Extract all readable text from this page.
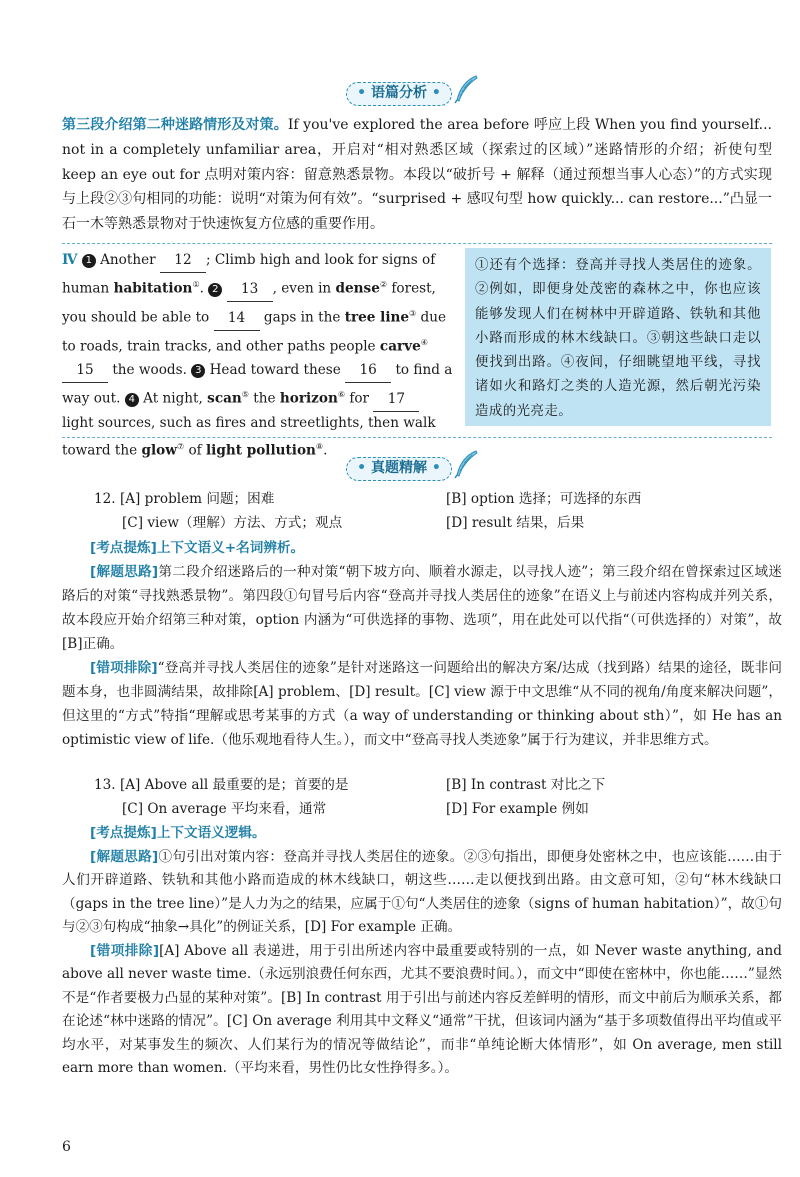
• 语篇分析 •
第三段介绍第二种迷路情形及对策。If you've explored the area before 呼应上段 When you find yourself... not in a completely unfamiliar area，开启对“相对熟悉区域（探索过的区域）”迷路情形的介绍；祈使句型 keep an eye out for 点明对策内容：留意熟悉景物。本段以“破折号 + 解释（通过预想当事人心态）”的方式实现与上段②③句相同的功能：说明“对策为何有效”。“surprised + 感叹句型 how quickly... can restore...”凸显一石一木等熟悉景物对于快速恢复方位感的重要作用。
Ⅳ 1 Another 12 ; Climb high and look for signs of human habitation①. 2 13 , even in dense② forest, you should be able to 14 gaps in the tree line③ due to roads, train tracks, and other paths people carve④ 15 the woods. 3 Head toward these 16 to find a way out. 4 At night, scan⑤ the horizon⑥ for 17 light sources, such as fires and streetlights, then walk toward the glow⑦ of light pollution⑧.
①还有个选择：登高并寻找人类居住的迹象。②例如，即便身处茂密的森林之中，你也应该能够发现人们在树林中开辟道路、铁轨和其他小路而形成的林木线缺口。③朝这些缺口走以便找到出路。④夜间，仔细眺望地平线，寻找诸如火和路灯之类的人造光源，然后朝光污染造成的光亮走。
• 真题精解 •
12. [A] problem 问题；困难	[B] option 选择；可选择的东西
[C] view（理解）方法、方式；观点	[D] result 结果，后果
[考点提炼]上下文语义+名词辨析。
[解题思路]第二段介绍迷路后的一种对策“朝下坡方向、顺着水源走，以寻找人迹”；第三段介绍在曾探索过区域迷路后的对策“寻找熟悉景物”。第四段①句冒号后内容“登高并寻找人类居住的迹象”在语义上与前述内容构成并列关系，故本段应开始介绍第三种对策，option 内涵为“可供选择的事物、选项”，用在此处可以代指“（可供选择的）对策”，故[B]正确。
[错项排除]“登高并寻找人类居住的迹象”是针对迷路这一问题给出的解决方案/达成（找到路）结果的途径，既非问题本身，也非圆满结果，故排除[A] problem、[D] result。[C] view 源于中文思维“从不同的视角/角度来解决问题”，但这里的“方式”特指“理解或思考某事的方式（a way of understanding or thinking about sth）”，如 He has an optimistic view of life.（他乐观地看待人生。），而文中“登高寻找人类迹象”属于行为建议，并非思维方式。
13. [A] Above all 最重要的是；首要的是	[B] In contrast 对比之下
[C] On average 平均来看，通常	[D] For example 例如
[考点提炼]上下文语义逻辑。
[解题思路]①句引出对策内容：登高并寻找人类居住的迹象。②③句指出，即便身处密林之中，也应该能……由于人们开辟道路、铁轨和其他小路而造成的林木线缺口，朝这些……走以便找到出路。由文意可知，②句“林木线缺口（gaps in the tree line）”是人力为之的结果，应属于①句“人类居住的迹象（signs of human habitation）”，故①句与②③句构成“抽象→具化”的例证关系，[D] For example 正确。
[错项排除][A] Above all 表递进，用于引出所述内容中最重要或特别的一点，如 Never waste anything, and above all never waste time.（永远别浪费任何东西，尤其不要浪费时间。），而文中“即使在密林中，你也能……”显然不是“作者要极力凸显的某种对策”。[B] In contrast 用于引出与前述内容反差鲜明的情形，而文中前后为顺承关系，都在论述“林中迷路的情况”。[C] On average 利用其中文释义“通常”干扰，但该词内涵为“基于多项数值得出平均值或平均水平，对某事发生的频次、人们某行为的情况等做结论”，而非“单纯论断大体情形”，如 On average, men still earn more than women.（平均来看，男性仍比女性挣得多。）。
6
